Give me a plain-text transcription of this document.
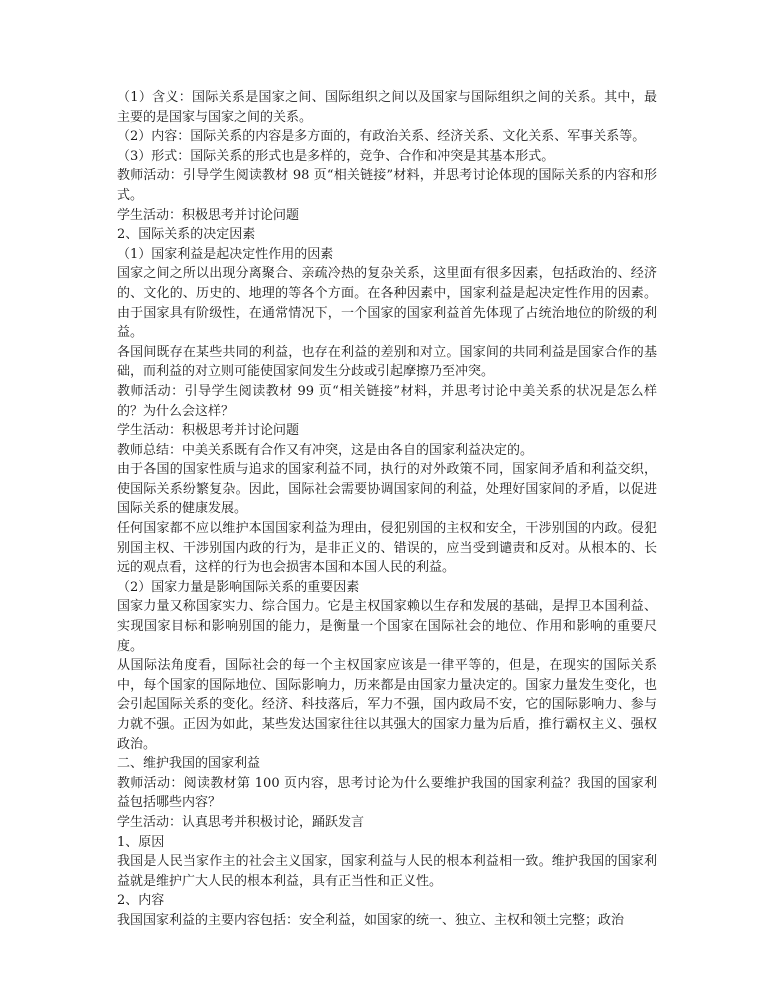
（1）含义：国际关系是国家之间、国际组织之间以及国家与国际组织之间的关系。其中，最主要的是国家与国家之间的关系。

（2）内容：国际关系的内容是多方面的，有政治关系、经济关系、文化关系、军事关系等。

（3）形式：国际关系的形式也是多样的，竞争、合作和冲突是其基本形式。

教师活动：引导学生阅读教材 98 页“相关链接”材料，并思考讨论体现的国际关系的内容和形式。

学生活动：积极思考并讨论问题

2、国际关系的决定因素

（1）国家利益是起决定性作用的因素

国家之间之所以出现分离聚合、亲疏冷热的复杂关系，这里面有很多因素，包括政治的、经济的、文化的、历史的、地理的等各个方面。在各种因素中，国家利益是起决定性作用的因素。由于国家具有阶级性，在通常情况下，一个国家的国家利益首先体现了占统治地位的阶级的利益。

各国间既存在某些共同的利益，也存在利益的差别和对立。国家间的共同利益是国家合作的基础，而利益的对立则可能使国家间发生分歧或引起摩擦乃至冲突。

教师活动：引导学生阅读教材 99 页“相关链接”材料，并思考讨论中美关系的状况是怎么样的？为什么会这样？

学生活动：积极思考并讨论问题

教师总结：中美关系既有合作又有冲突，这是由各自的国家利益决定的。

由于各国的国家性质与追求的国家利益不同，执行的对外政策不同，国家间矛盾和利益交织，使国际关系纷繁复杂。因此，国际社会需要协调国家间的利益，处理好国家间的矛盾，以促进国际关系的健康发展。

任何国家都不应以维护本国国家利益为理由，侵犯别国的主权和安全，干涉别国的内政。侵犯别国主权、干涉别国内政的行为，是非正义的、错误的，应当受到谴责和反对。从根本的、长远的观点看，这样的行为也会损害本国和本国人民的利益。

（2）国家力量是影响国际关系的重要因素

国家力量又称国家实力、综合国力。它是主权国家赖以生存和发展的基础，是捍卫本国利益、实现国家目标和影响别国的能力，是衡量一个国家在国际社会的地位、作用和影响的重要尺度。

从国际法角度看，国际社会的每一个主权国家应该是一律平等的，但是，在现实的国际关系中，每个国家的国际地位、国际影响力，历来都是由国家力量决定的。国家力量发生变化，也会引起国际关系的变化。经济、科技落后，军力不强，国内政局不安，它的国际影响力、参与力就不强。正因为如此，某些发达国家往往以其强大的国家力量为后盾，推行霸权主义、强权政治。

二、维护我国的国家利益

教师活动：阅读教材第 100 页内容，思考讨论为什么要维护我国的国家利益？我国的国家利益包括哪些内容？

学生活动：认真思考并积极讨论，踊跃发言

1、原因

我国是人民当家作主的社会主义国家，国家利益与人民的根本利益相一致。维护我国的国家利益就是维护广大人民的根本利益，具有正当性和正义性。

2、内容

我国国家利益的主要内容包括：安全利益，如国家的统一、独立、主权和领土完整；政治
